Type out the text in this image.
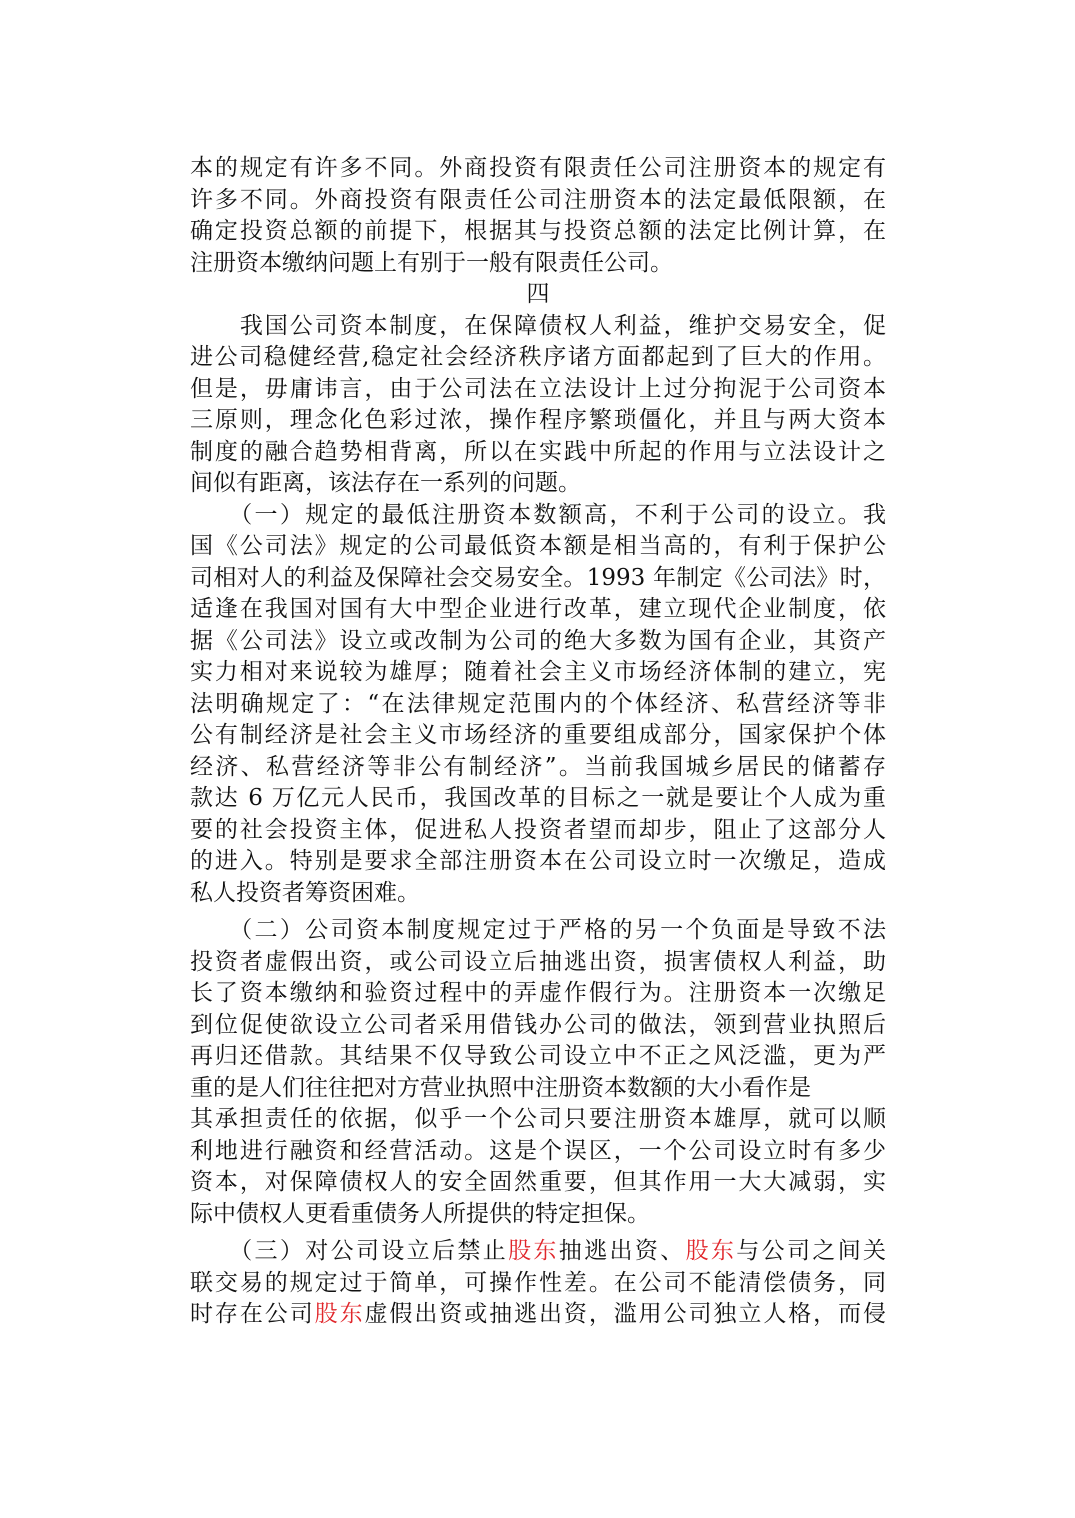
本的规定有许多不同。外商投资有限责任公司注册资本的规定有
许多不同。外商投资有限责任公司注册资本的法定最低限额，在
确定投资总额的前提下，根据其与投资总额的法定比例计算，在
注册资本缴纳问题上有别于一般有限责任公司。
四
　　我国公司资本制度，在保障债权人利益，维护交易安全，促
进公司稳健经营,稳定社会经济秩序诸方面都起到了巨大的作用。
但是，毋庸讳言，由于公司法在立法设计上过分拘泥于公司资本
三原则，理念化色彩过浓，操作程序繁琐僵化，并且与两大资本
制度的融合趋势相背离，所以在实践中所起的作用与立法设计之
间似有距离，该法存在一系列的问题。
　　（一）规定的最低注册资本数额高，不利于公司的设立。我
国《公司法》规定的公司最低资本额是相当高的，有利于保护公
司相对人的利益及保障社会交易安全。1993 年制定《公司法》时，
适逢在我国对国有大中型企业进行改革，建立现代企业制度，依
据《公司法》设立或改制为公司的绝大多数为国有企业，其资产
实力相对来说较为雄厚；随着社会主义市场经济体制的建立，宪
法明确规定了：“在法律规定范围内的个体经济、私营经济等非
公有制经济是社会主义市场经济的重要组成部分，国家保护个体
经济、私营经济等非公有制经济”。当前我国城乡居民的储蓄存
款达 6 万亿元人民币，我国改革的目标之一就是要让个人成为重
要的社会投资主体，促进私人投资者望而却步，阻止了这部分人
的进入。特别是要求全部注册资本在公司设立时一次缴足，造成
私人投资者筹资困难。
　　（二）公司资本制度规定过于严格的另一个负面是导致不法
投资者虚假出资，或公司设立后抽逃出资，损害债权人利益，助
长了资本缴纳和验资过程中的弄虚作假行为。注册资本一次缴足
到位促使欲设立公司者采用借钱办公司的做法，领到营业执照后
再归还借款。其结果不仅导致公司设立中不正之风泛滥，更为严
重的是人们往往把对方营业执照中注册资本数额的大小看作是
其承担责任的依据，似乎一个公司只要注册资本雄厚，就可以顺
利地进行融资和经营活动。这是个误区，一个公司设立时有多少
资本，对保障债权人的安全固然重要，但其作用一大大减弱，实
际中债权人更看重债务人所提供的特定担保。
　　（三）对公司设立后禁止股东抽逃出资、股东与公司之间关
联交易的规定过于简单，可操作性差。在公司不能清偿债务，同
时存在公司股东虚假出资或抽逃出资，滥用公司独立人格，而侵
